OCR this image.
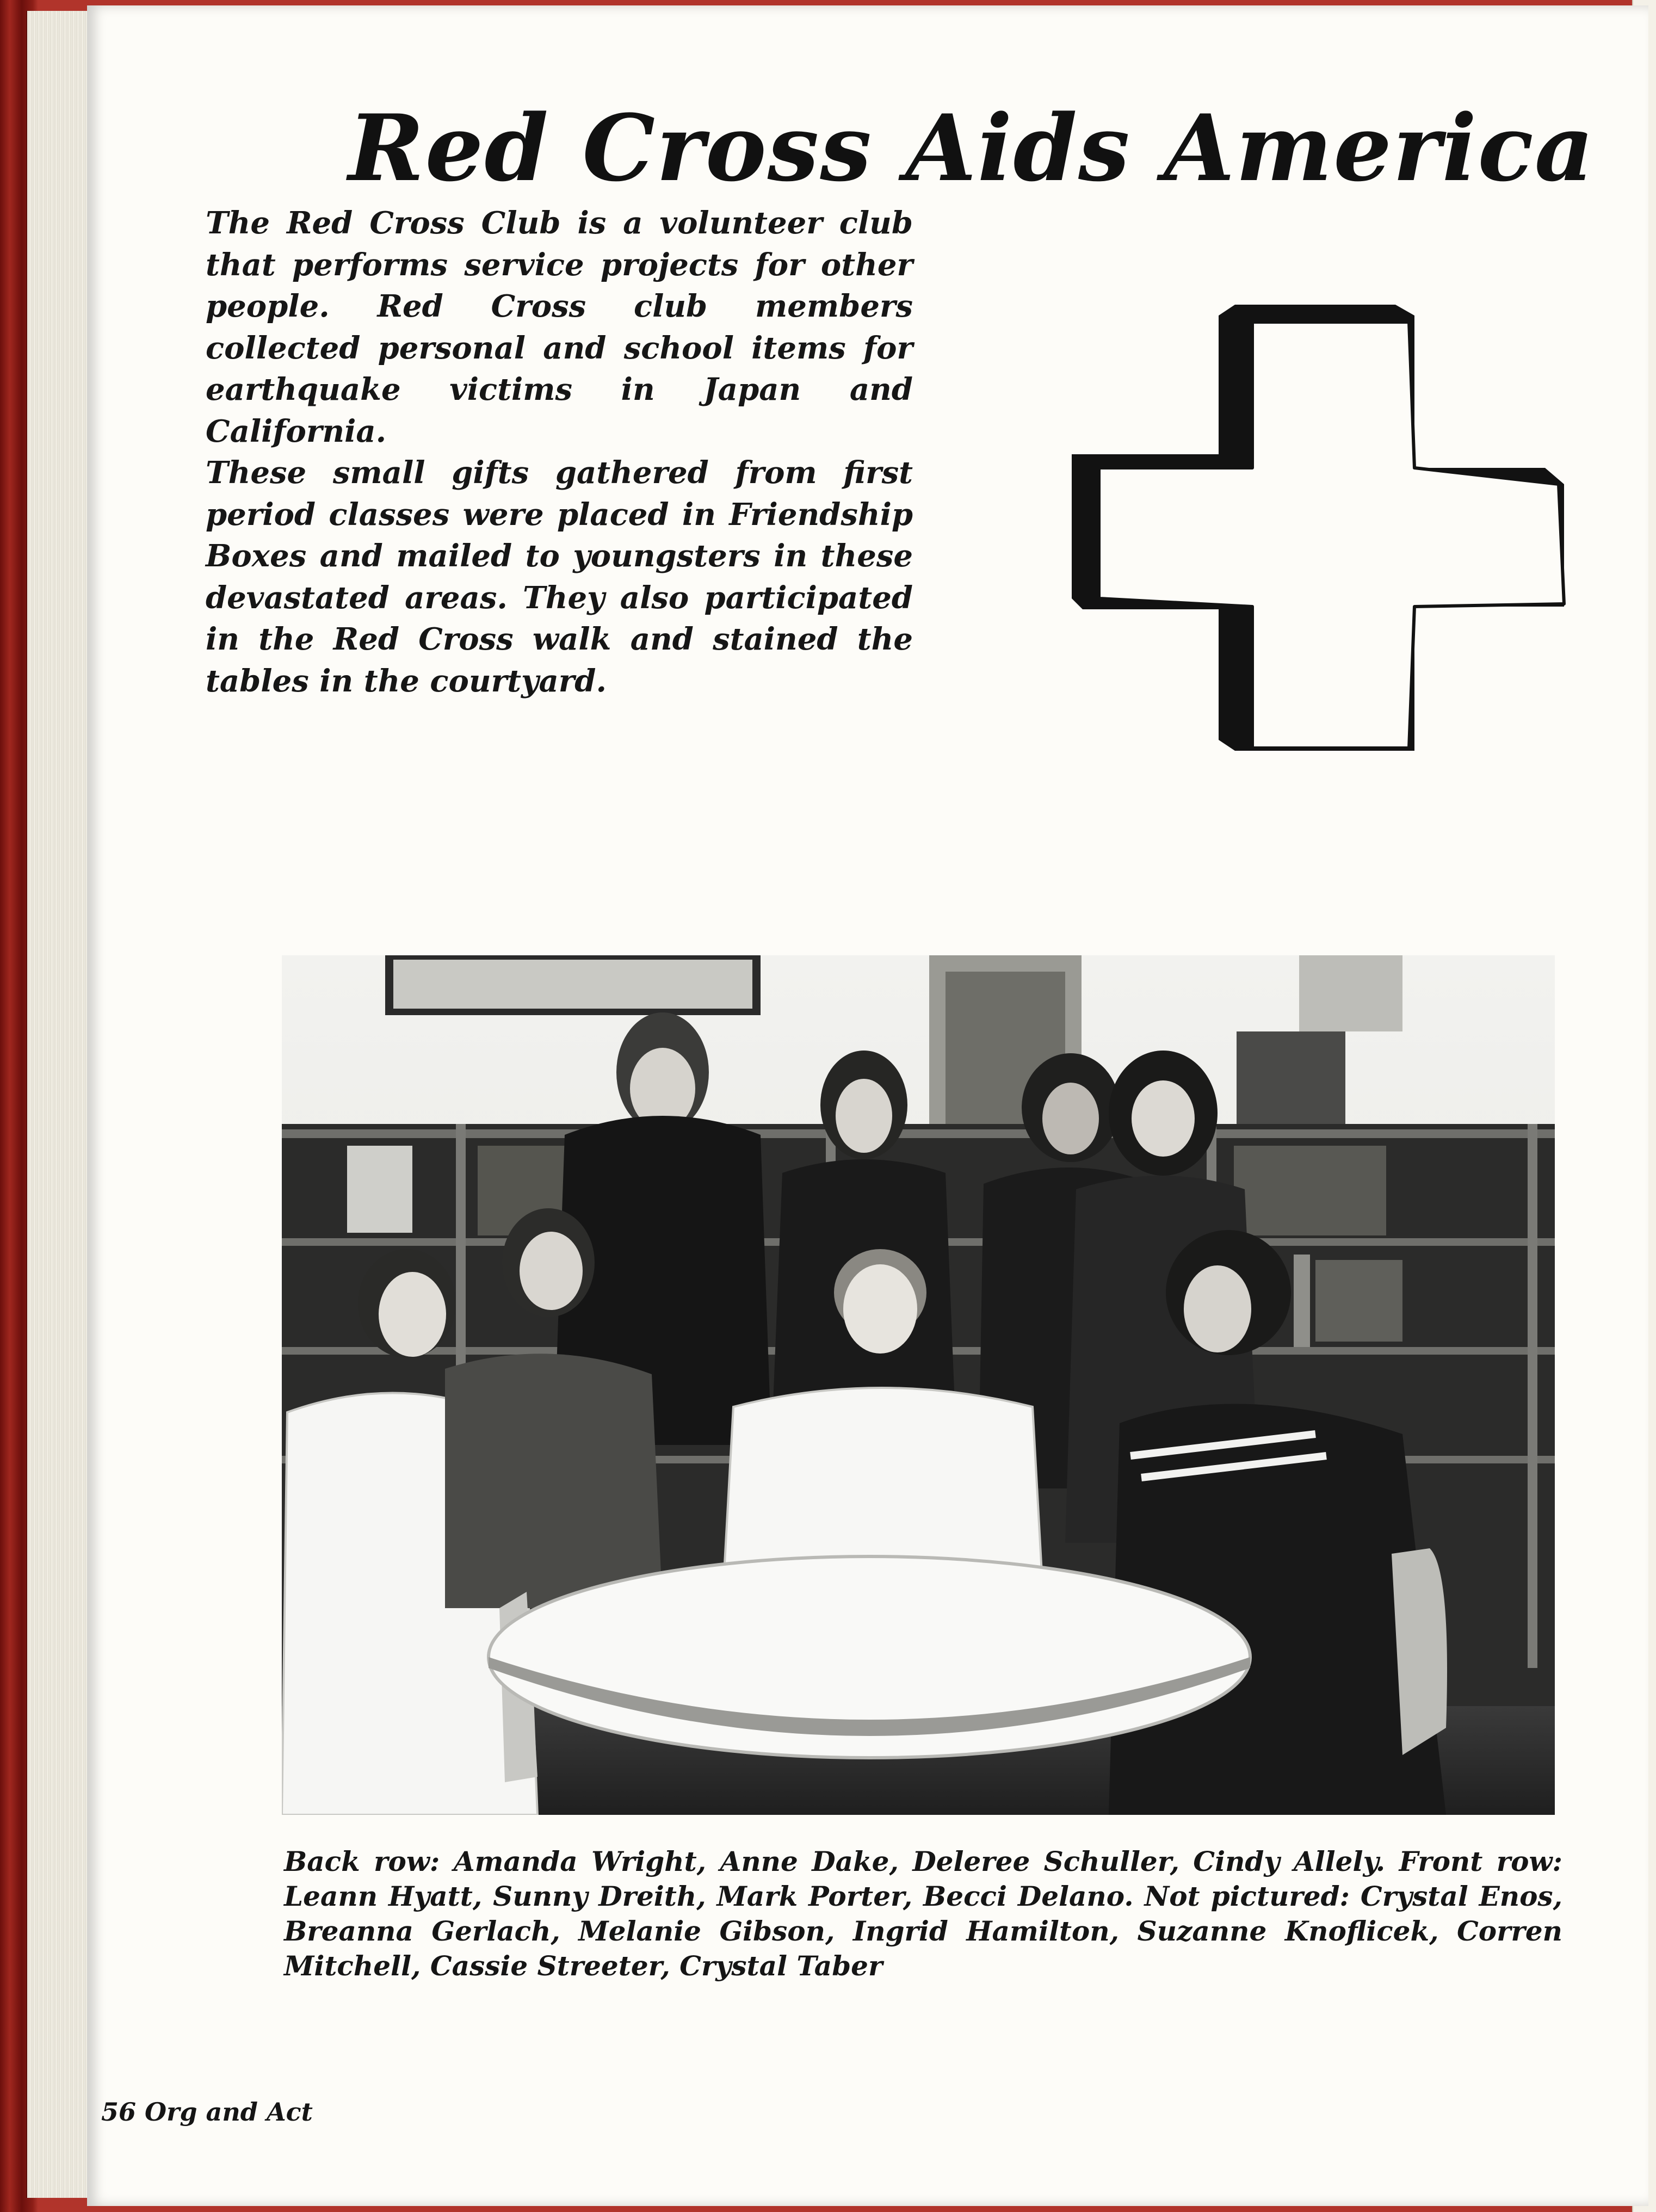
Red Cross Aids America

The Red Cross Club is a volunteer club that performs service projects for other people. Red Cross club members collected personal and school items for earthquake victims in Japan and California.

These small gifts gathered from first period classes were placed in Friendship Boxes and mailed to youngsters in these devastated areas. They also participated in the Red Cross walk and stained the tables in the courtyard.

Back row: Amanda Wright, Anne Dake, Deleree Schuller, Cindy Allely. Front row: Leann Hyatt, Sunny Dreith, Mark Porter, Becci Delano. Not pictured: Crystal Enos, Breanna Gerlach, Melanie Gibson, Ingrid Hamilton, Suzanne Knoflicek, Corren Mitchell, Cassie Streeter, Crystal Taber

56 Org and Act
